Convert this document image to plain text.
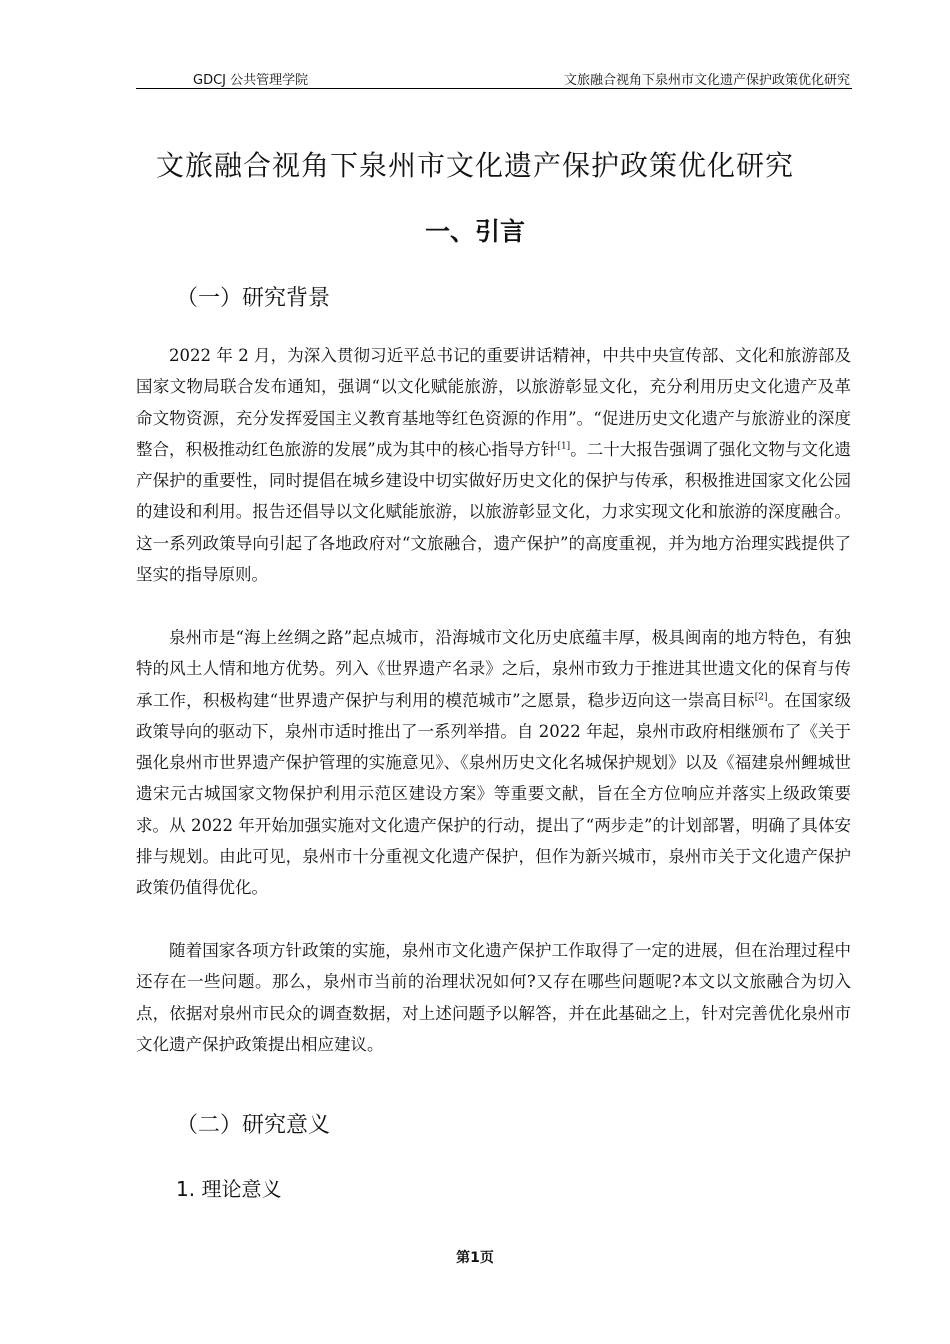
GDCJ 公共管理学院	文旅融合视角下泉州市文化遗产保护政策优化研究
文旅融合视角下泉州市文化遗产保护政策优化研究
一、引言
（一）研究背景

2022 年 2 月，为深入贯彻习近平总书记的重要讲话精神，中共中央宣传部、文化和旅游部及国家文物局联合发布通知，强调“以文化赋能旅游，以旅游彰显文化，充分利用历史文化遗产及革命文物资源，充分发挥爱国主义教育基地等红色资源的作用”。“促进历史文化遗产与旅游业的深度整合，积极推动红色旅游的发展”成为其中的核心指导方针[1]。二十大报告强调了强化文物与文化遗产保护的重要性，同时提倡在城乡建设中切实做好历史文化的保护与传承，积极推进国家文化公园的建设和利用。报告还倡导以文化赋能旅游，以旅游彰显文化，力求实现文化和旅游的深度融合。这一系列政策导向引起了各地政府对“文旅融合，遗产保护”的高度重视，并为地方治理实践提供了坚实的指导原则。

泉州市是“海上丝绸之路”起点城市，沿海城市文化历史底蕴丰厚，极具闽南的地方特色，有独特的风土人情和地方优势。列入《世界遗产名录》之后，泉州市致力于推进其世遗文化的保育与传承工作，积极构建“世界遗产保护与利用的模范城市”之愿景，稳步迈向这一崇高目标[2]。在国家级政策导向的驱动下，泉州市适时推出了一系列举措。自 2022 年起，泉州市政府相继颁布了《关于强化泉州市世界遗产保护管理的实施意见》、《泉州历史文化名城保护规划》以及《福建泉州鲤城世遗宋元古城国家文物保护利用示范区建设方案》等重要文献，旨在全方位响应并落实上级政策要求。从 2022 年开始加强实施对文化遗产保护的行动，提出了“两步走”的计划部署，明确了具体安排与规划。由此可见，泉州市十分重视文化遗产保护，但作为新兴城市，泉州市关于文化遗产保护政策仍值得优化。

随着国家各项方针政策的实施，泉州市文化遗产保护工作取得了一定的进展，但在治理过程中还存在一些问题。那么，泉州市当前的治理状况如何?又存在哪些问题呢?本文以文旅融合为切入点，依据对泉州市民众的调查数据，对上述问题予以解答，并在此基础之上，针对完善优化泉州市文化遗产保护政策提出相应建议。

（二）研究意义
1. 理论意义
第1页
